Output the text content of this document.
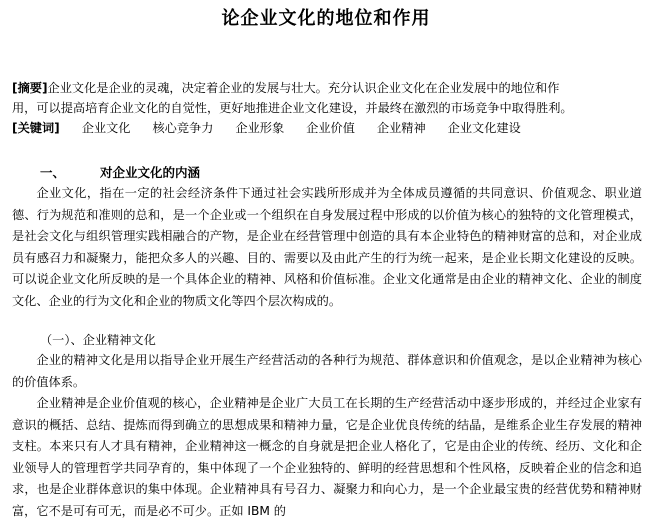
论企业文化的地位和作用
[摘要]企业文化是企业的灵魂，决定着企业的发展与壮大。充分认识企业文化在企业发展中的地位和作
用，可以提高培育企业文化的自觉性，更好地推进企业文化建设，并最终在激烈的市场竞争中取得胜利。
[关键词] 企业文化 核心竞争力 企业形象 企业价值 企业精神 企业文化建设
一、	对企业文化的内涵

企业文化，指在一定的社会经济条件下通过社会实践所形成并为全体成员遵循的共同意识、价值观念、职业道德、行为规范和准则的总和，是一个企业或一个组织在自身发展过程中形成的以价值为核心的独特的文化管理模式，是社会文化与组织管理实践相融合的产物，是企业在经营管理中创造的具有本企业特色的精神财富的总和，对企业成员有感召力和凝聚力，能把众多人的兴趣、目的、需要以及由此产生的行为统一起来，是企业长期文化建设的反映。可以说企业文化所反映的是一个具体企业的精神、风格和价值标准。企业文化通常是由企业的精神文化、企业的制度文化、企业的行为文化和企业的物质文化等四个层次构成的。

（一）、企业精神文化

企业的精神文化是用以指导企业开展生产经营活动的各种行为规范、群体意识和价值观念，是以企业精神为核心的价值体系。

企业精神是企业价值观的核心，企业精神是企业广大员工在长期的生产经营活动中逐步形成的，并经过企业家有意识的概括、总结、提炼而得到确立的思想成果和精神力量，它是企业优良传统的结晶，是维系企业生存发展的精神支柱。本来只有人才具有精神，企业精神这一概念的自身就是把企业人格化了，它是由企业的传统、经历、文化和企业领导人的管理哲学共同孕育的，集中体现了一个企业独特的、鲜明的经营思想和个性风格，反映着企业的信念和追求，也是企业群体意识的集中体现。企业精神具有号召力、凝聚力和向心力，是一个企业最宝贵的经营优势和精神财富，它不是可有可无，而是必不可少。正如 IBM 的
